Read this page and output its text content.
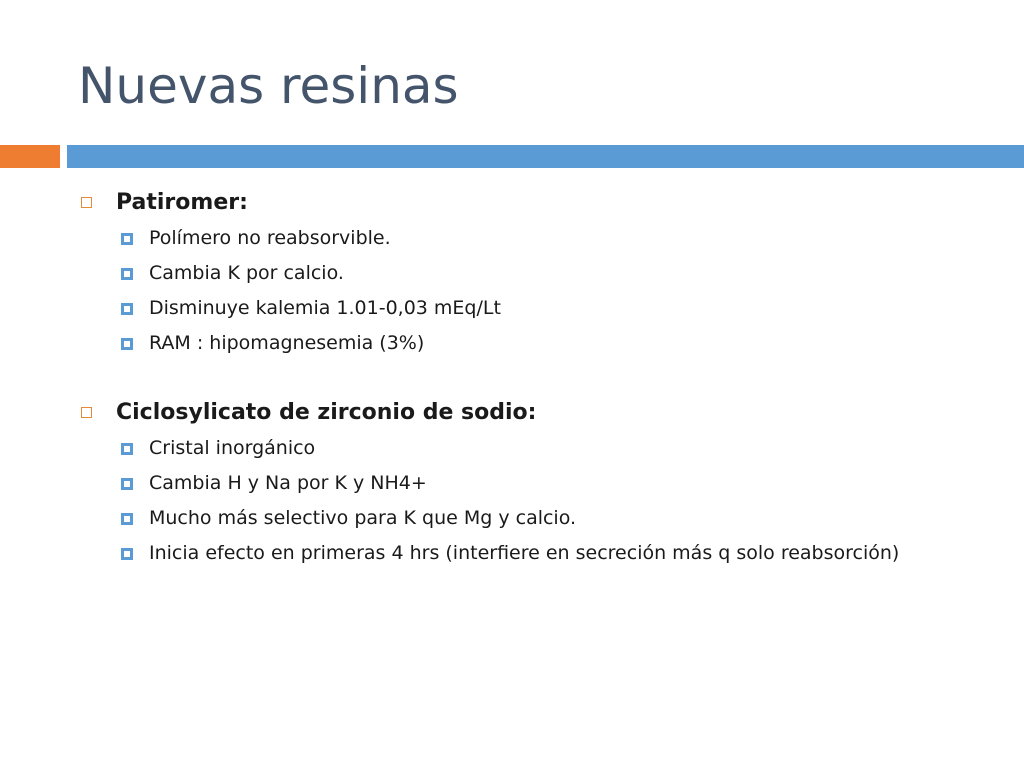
Nuevas resinas
Patiromer:
Polímero no reabsorvible.
Cambia K por calcio.
Disminuye kalemia 1.01-0,03 mEq/Lt
RAM : hipomagnesemia (3%)
Ciclosylicato de zirconio de sodio:
Cristal inorgánico
Cambia H y Na por K y NH4+
Mucho más selectivo para K que Mg y calcio.
Inicia efecto en primeras 4 hrs (interfiere en secreción más q solo reabsorción)
